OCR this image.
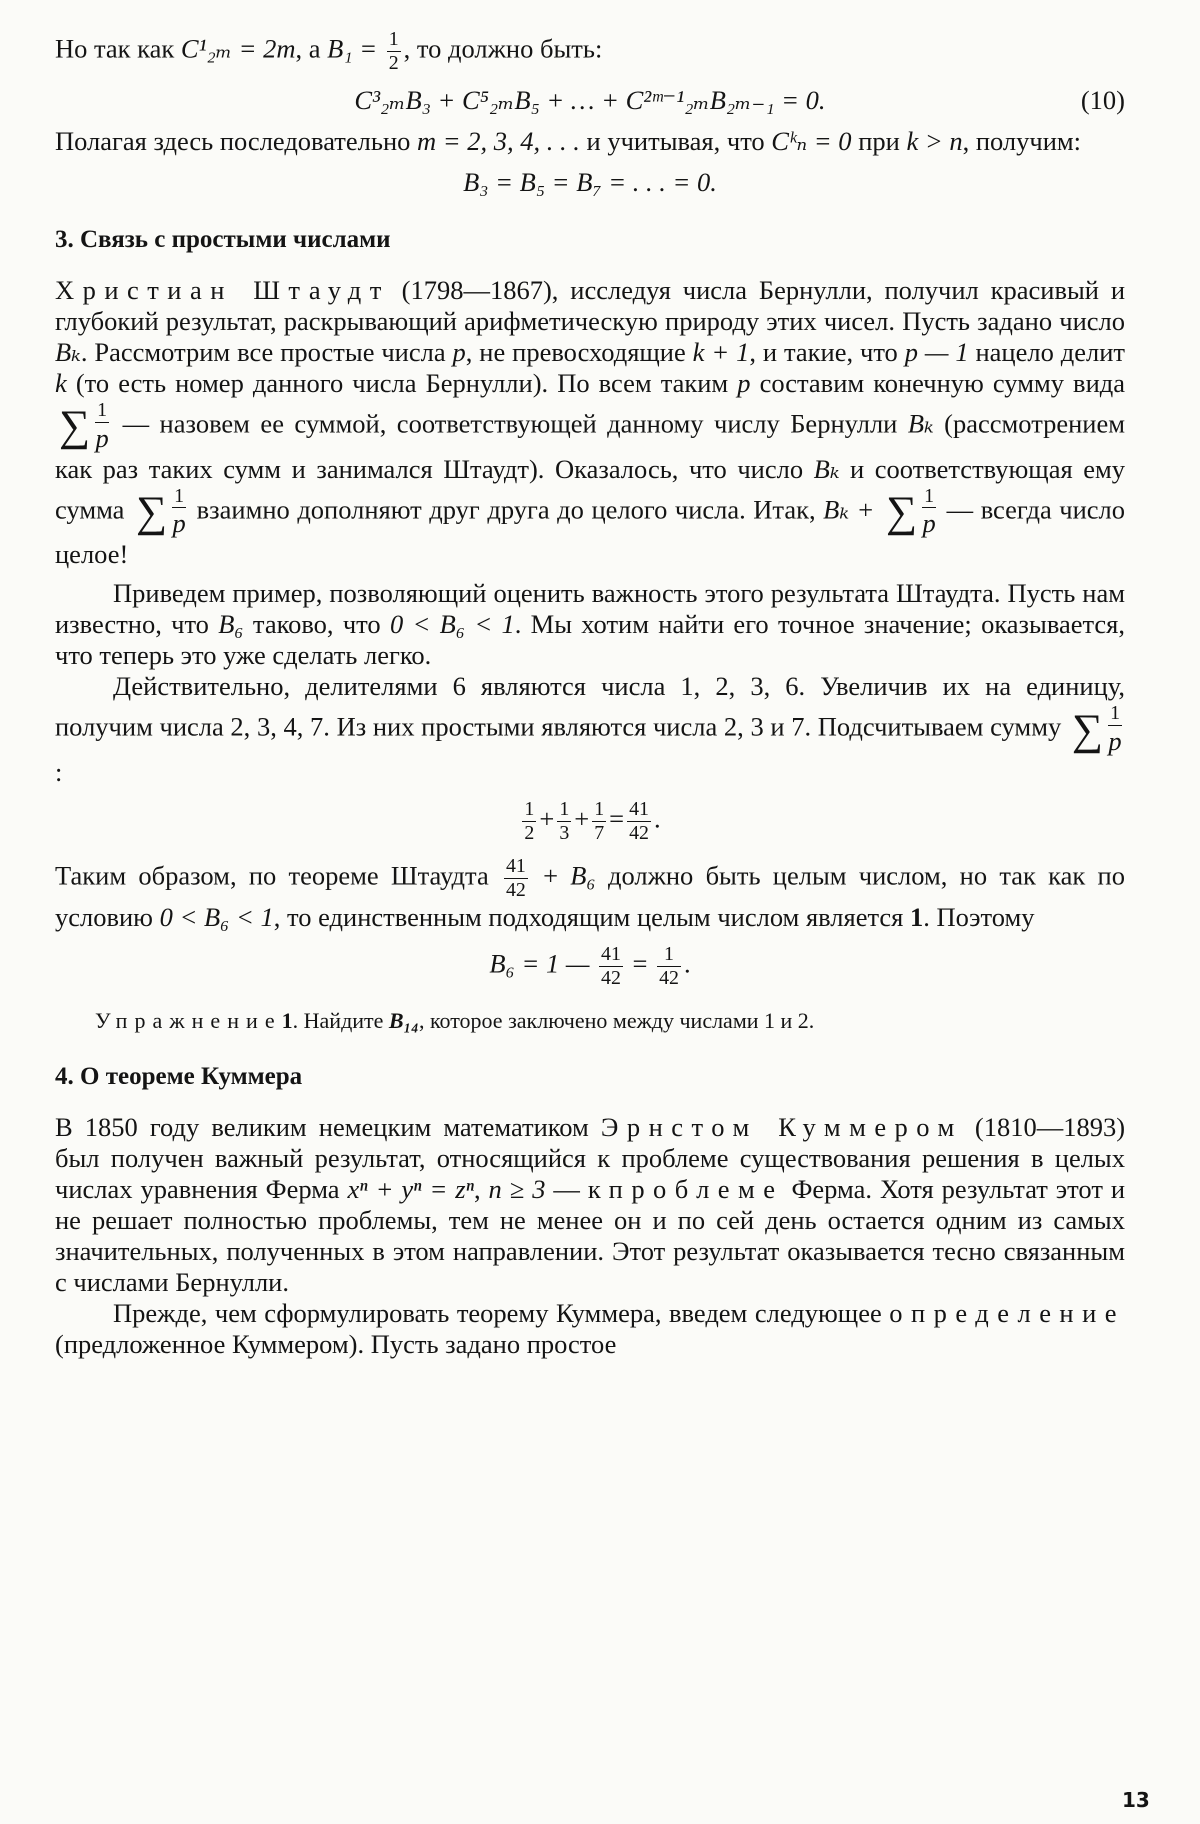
Но так как C¹₂ₘ = 2m, а $B_1 = \frac{1}{2}$ , то должно быть:

C³₂ₘB₃ + C⁵₂ₘB₅ + … + C²ᵐ⁻¹₂ₘB₂ₘ₋₁ = 0.	(10)

Полагая здесь последовательно m = 2, 3, 4, . . . и учитывая, что Cᵏₙ = 0 при k > n, получим:

B₃ = B₅ = B₇ = . . . = 0.
3. Связь с простыми числами

Христиан Штаудт (1798—1867), исследуя числа Бернулли, получил красивый и глубокий результат, раскрывающий арифметическую природу этих чисел. Пусть задано число Bₖ. Рассмотрим все простые числа p, не превосходящие k + 1, и такие, что p — 1 нацело делит k (то есть номер данного числа Бернулли). По всем таким p составим конечную сумму вида ∑ $\frac{1}{p}$ — назовем ее суммой, соответствующей данному числу Бернулли Bₖ (рассмотрением как раз таких сумм и занимался Штаудт). Оказалось, что число Bₖ и соответствующая ему сумма ∑ $\frac{1}{p}$ взаимно дополняют друг друга до целого числа. Итак, Bₖ + ∑ $\frac{1}{p}$ — всегда число целое!

Приведем пример, позволяющий оценить важность этого результата Штаудта. Пусть нам известно, что B₆ таково, что 0 < B₆ < 1. Мы хотим найти его точное значение; оказывается, что теперь это уже сделать легко.

Действительно, делителями 6 являются числа 1, 2, 3, 6. Увеличив их на единицу, получим числа 2, 3, 4, 7. Из них простыми являются числа 2, 3 и 7. Подсчитываем сумму ∑ $\frac{1}{p}$ :

$\frac{1}{2} + \frac{1}{3} + \frac{1}{7} = \frac{41}{42}$ .

Таким образом, по теореме Штаудта $\frac{41}{42} + B_6$ должно быть целым числом, но так как по условию 0 < B₆ < 1, то единственным подходящим целым числом является 1. Поэтому

B₆ = 1 — $\frac{41}{42} = \frac{1}{42}$ .

Упражнение1. Найдите B₁₄, которое заключено между числами 1 и 2.

4. О теореме Куммера

В 1850 году великим немецким математиком Эрнстом Куммером (1810—1893) был получен важный результат, относящийся к проблеме существования решения в целых числах уравнения Ферма xⁿ + yⁿ = zⁿ, n ≥ 3 — к проблеме Ферма. Хотя результат этот и не решает полностью проблемы, тем не менее он и по сей день остается одним из самых значительных, полученных в этом направлении. Этот результат оказывается тесно связанным с числами Бернулли.

Прежде, чем сформулировать теорему Куммера, введем следующее определение (предложенное Куммером). Пусть задано простое

13
